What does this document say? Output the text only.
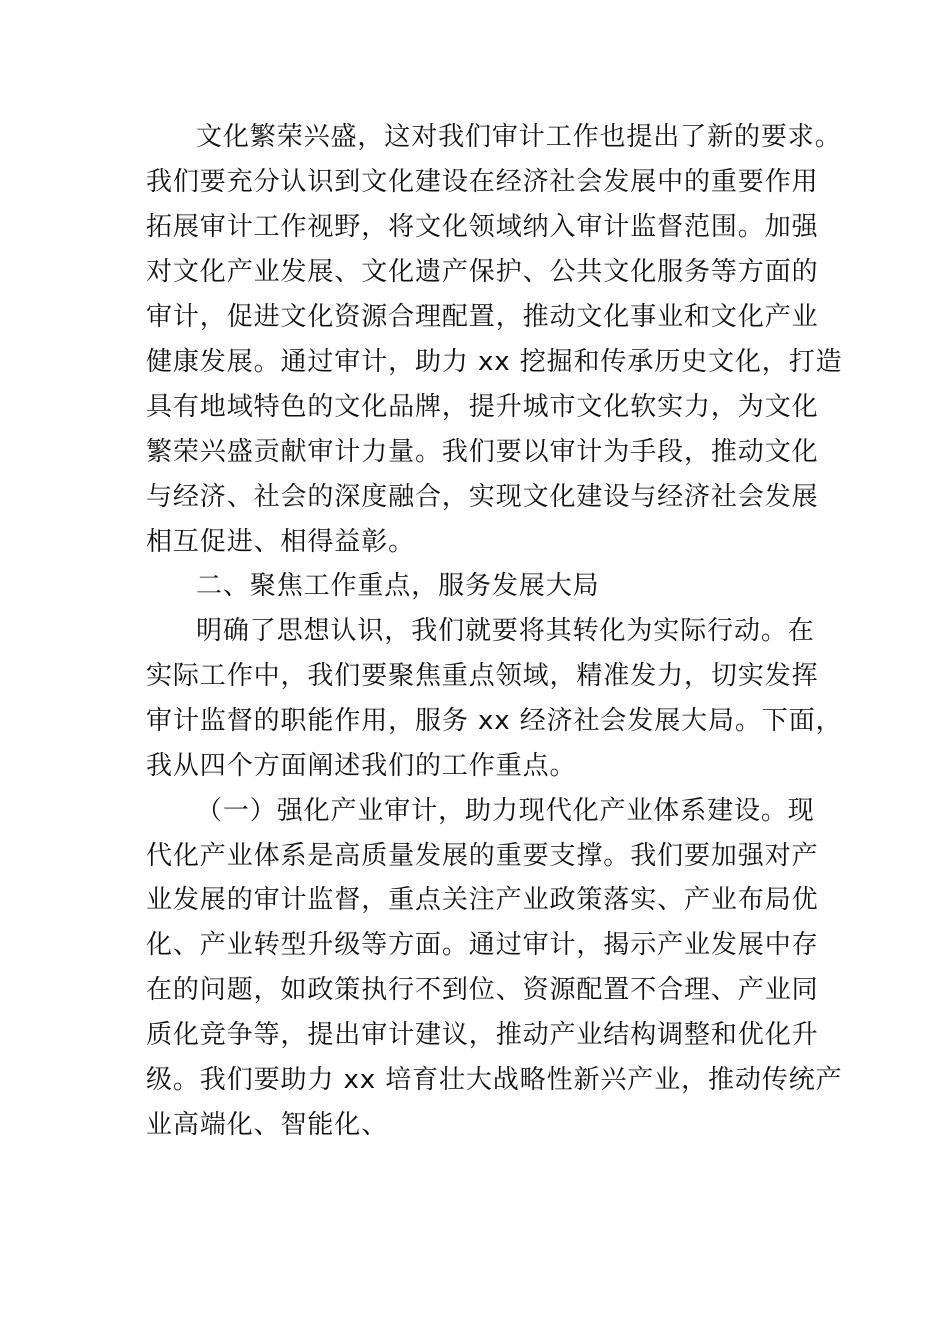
文化繁荣兴盛，这对我们审计工作也提出了新的要求。
我们要充分认识到文化建设在经济社会发展中的重要作用
拓展审计工作视野，将文化领域纳入审计监督范围。加强
对文化产业发展、文化遗产保护、公共文化服务等方面的
审计，促进文化资源合理配置，推动文化事业和文化产业
健康发展。通过审计，助力 xx 挖掘和传承历史文化，打造
具有地域特色的文化品牌，提升城市文化软实力，为文化
繁荣兴盛贡献审计力量。我们要以审计为手段，推动文化
与经济、社会的深度融合，实现文化建设与经济社会发展
相互促进、相得益彰。
二、聚焦工作重点，服务发展大局
明确了思想认识，我们就要将其转化为实际行动。在
实际工作中，我们要聚焦重点领域，精准发力，切实发挥
审计监督的职能作用，服务 xx 经济社会发展大局。下面，
我从四个方面阐述我们的工作重点。
（一）强化产业审计，助力现代化产业体系建设。现
代化产业体系是高质量发展的重要支撑。我们要加强对产
业发展的审计监督，重点关注产业政策落实、产业布局优
化、产业转型升级等方面。通过审计，揭示产业发展中存
在的问题，如政策执行不到位、资源配置不合理、产业同
质化竞争等，提出审计建议，推动产业结构调整和优化升
级。我们要助力 xx 培育壮大战略性新兴产业，推动传统产
业高端化、智能化、
